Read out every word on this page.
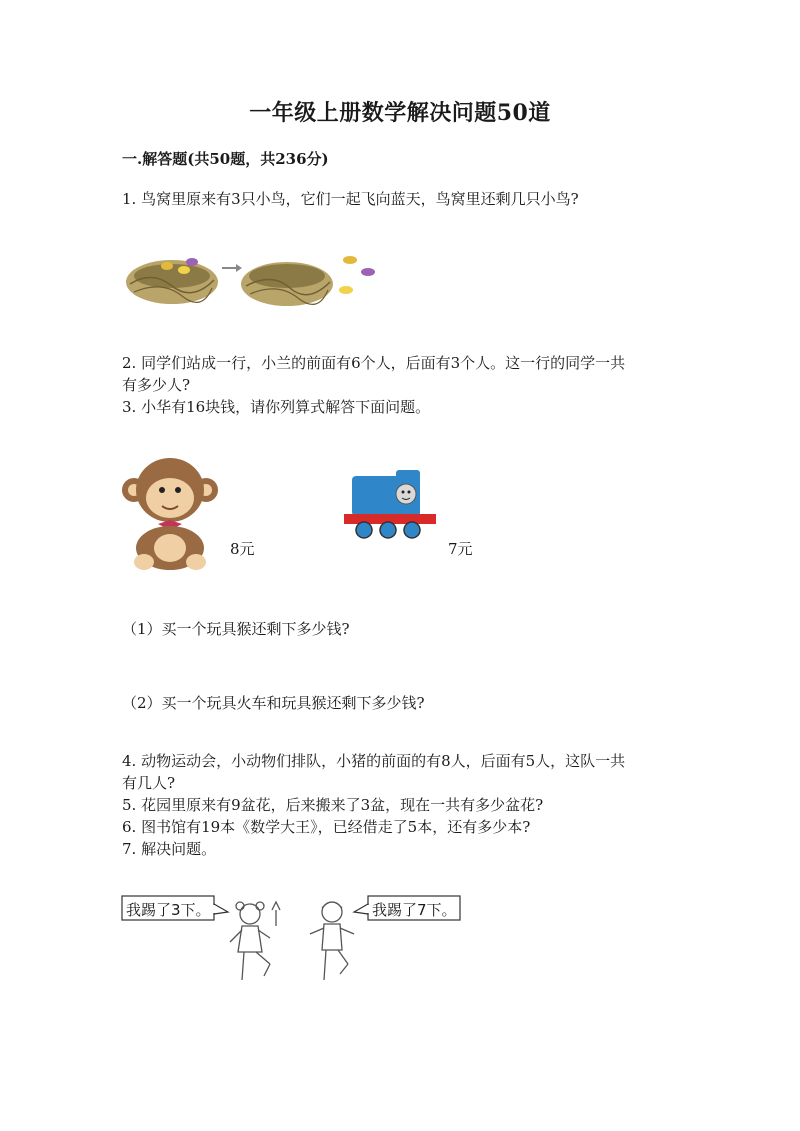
一年级上册数学解决问题50道
一.解答题(共50题，共236分)
1. 鸟窝里原来有3只小鸟，它们一起飞向蓝天，鸟窝里还剩几只小鸟?
2. 同学们站成一行，小兰的前面有6个人，后面有3个人。这一行的同学一共
有多少人?
3. 小华有16块钱，请你列算式解答下面问题。
8元	7元
（1）买一个玩具猴还剩下多少钱?
（2）买一个玩具火车和玩具猴还剩下多少钱?
4. 动物运动会，小动物们排队，小猪的前面的有8人，后面有5人，这队一共
有几人?
5. 花园里原来有9盆花，后来搬来了3盆，现在一共有多少盆花?
6. 图书馆有19本《数学大王》，已经借走了5本，还有多少本?
7. 解决问题。
我踢了3下。	我踢了7下。
